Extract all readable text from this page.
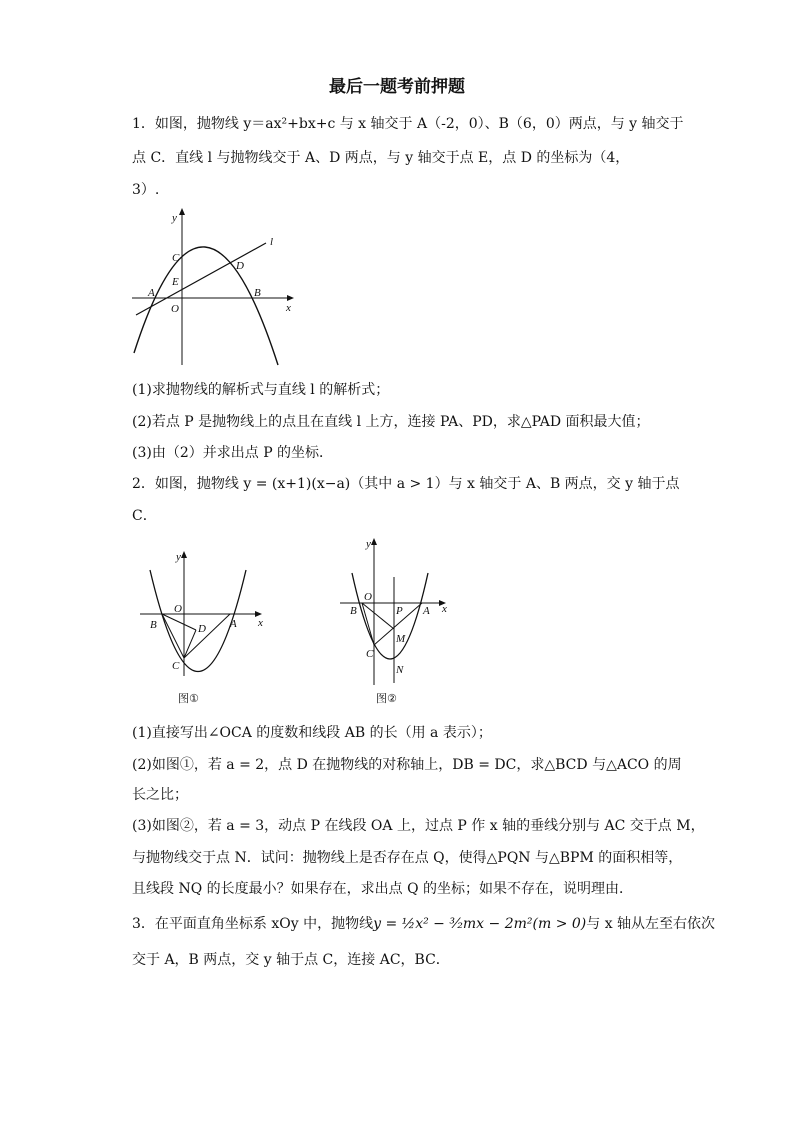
最后一题考前押题
1．如图，抛物线 y＝ax²+bx+c 与 x 轴交于 A（-2，0）、B（6，0）两点，与 y 轴交于
点 C．直线 l 与抛物线交于 A、D 两点，与 y 轴交于点 E，点 D 的坐标为（4，
3）.
y
x
l
C
D
E
A	B
O
(1)求抛物线的解析式与直线 l 的解析式；
(2)若点 P 是抛物线上的点且在直线 l 上方，连接 PA、PD，求△PAD 面积最大值；
(3)由（2）并求出点 P 的坐标．
2．如图，抛物线 y = (x+1)(x−a)（其中 a > 1）与 x 轴交于 A、B 两点，交 y 轴于点
C．
y
x
O
B	D A
C
图①
y
x
O
B	P A
M
C
N
图②
(1)直接写出∠OCA 的度数和线段 AB 的长（用 a 表示）；
(2)如图①，若 a = 2，点 D 在抛物线的对称轴上，DB = DC，求△BCD 与△ACO 的周
长之比；
(3)如图②，若 a = 3，动点 P 在线段 OA 上，过点 P 作 x 轴的垂线分别与 AC 交于点 M，
与抛物线交于点 N．试问：抛物线上是否存在点 Q，使得△PQN 与△BPM 的面积相等，
且线段 NQ 的长度最小？如果存在，求出点 Q 的坐标；如果不存在，说明理由．
3．在平面直角坐标系 xOy 中，抛物线y = ½x² − ³⁄₂mx − 2m²(m > 0)与 x 轴从左至右依次
交于 A，B 两点，交 y 轴于点 C，连接 AC，BC．
